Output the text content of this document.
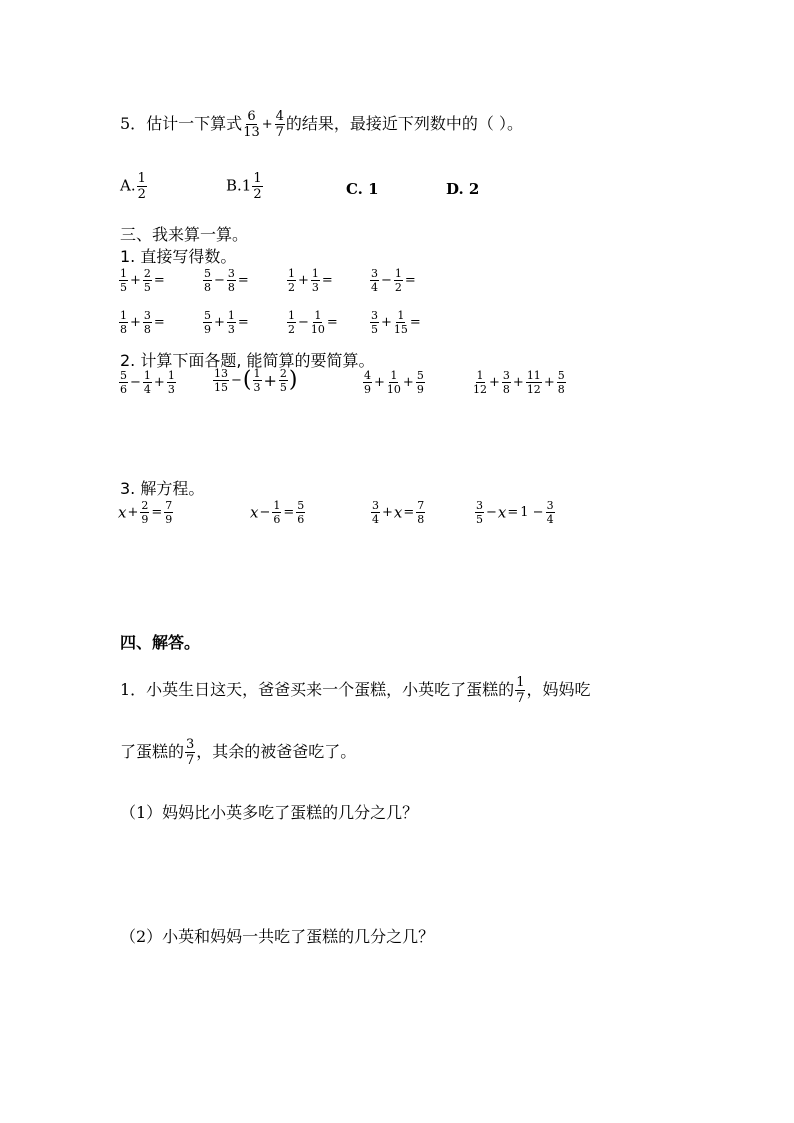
5．估计一下算式 $\frac{6}{13} + \frac{4}{7}$ 的结果，最接近下列数中的（ ）。
A. $\frac{1}{2}$	$B.1 \frac{1}{2}$	C. 1	D. 2
三、我来算一算。
1. 直接写得数。
$\frac{1}{5} + \frac{2}{5}$ =	$\frac{5}{8} - \frac{3}{8}$ =	$\frac{1}{2} + \frac{1}{3}$ =	$\frac{3}{4} - \frac{1}{2}$ =
$\frac{1}{8} + \frac{3}{8}$ =	$\frac{5}{9} + \frac{1}{3}$ =	$\frac{1}{2} - \frac{1}{10}$ =	$\frac{3}{5} + \frac{1}{15}$ =
2. 计算下面各题, 能简算的要简算。
$\frac{5}{6} - \frac{1}{4} + \frac{1}{3}$	$\frac{13}{15}$ −( $\frac{1}{3} + \frac{2}{5}$ )	$\frac{4}{9} + \frac{1}{10} + \frac{5}{9}$	$\frac{1}{12} + \frac{3}{8} + \frac{11}{12} + \frac{5}{8}$
3. 解方程。
$x+ \frac{2}{9} = \frac{7}{9}$	$x- \frac{1}{6} = \frac{5}{6}$	$\frac{3}{4} +x= \frac{7}{8}$	$\frac{3}{5} -x= 1 - \frac{3}{4}$
四、解答。
1．小英生日这天，爸爸买来一个蛋糕，小英吃了蛋糕的 $\frac{1}{7}$ ，妈妈吃
了蛋糕的 $\frac{3}{7}$ ，其余的被爸爸吃了。
（1）妈妈比小英多吃了蛋糕的几分之几？
（2）小英和妈妈一共吃了蛋糕的几分之几？
